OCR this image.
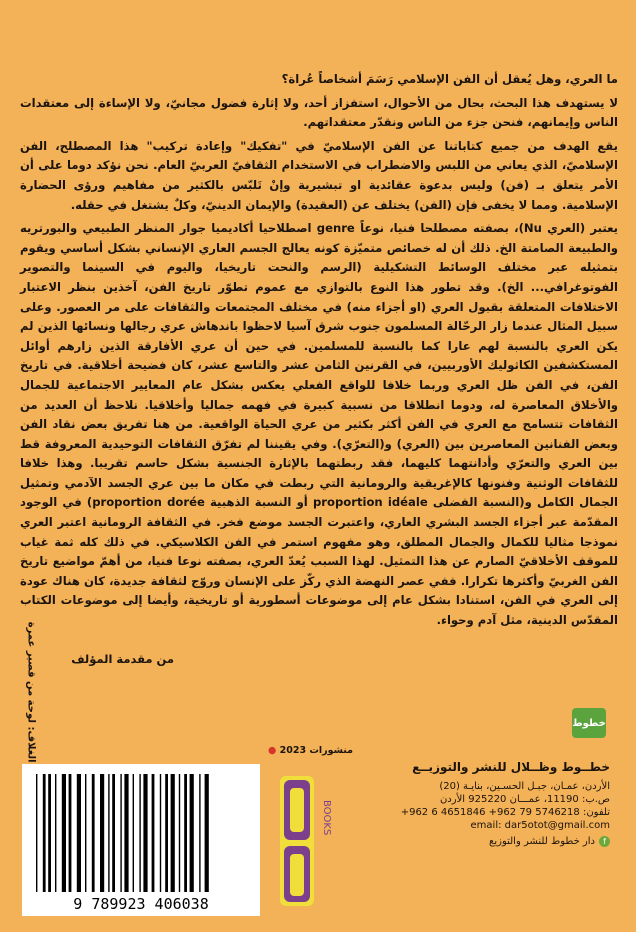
ما العري، وهل يُعقل أن الفن الإسلامي رَسَمَ أشخاصاً عُراة؟

لا يستهدف هذا البحث، بحال من الأحوال، استفزاز أحد، ولا إثارة فضول مجانيّ، ولا الإساءة إلى معتقدات الناس وإيمانهم، فنحن جزء من الناس ونقدّر معتقداتهم.

يقع الهدف من جميع كتاباتنا عن الفن الإسلاميّ في "تفكيك" وإعادة تركيب" هذا المصطلح، الفن الإسلاميّ، الذي يعاني من اللبس والاضطراب في الاستخدام الثقافيّ العربيّ العام. نحن نؤكد دوما على أن الأمر يتعلق بـ (فن) وليس بدعوة عقائدية او تبشيرية وإنْ تَلبّس بالكثير من مفاهيم ورؤى الحضارة الإسلامية. ومما لا يخفى فإن (الفن) يختلف عن (العقيدة) والإيمان الدينيّ، وكلٌ يشتغل في حقله.

يعتبر (العري Nu)، بصفته مصطلحا فنيا، نوعاً genre اصطلاحيا أكاديميا جوار المنظر الطبيعي والبورتريه والطبيعة الصامتة الخ. ذلك أن له خصائص متميّزة كونه يعالج الجسم العاري الإنساني بشكل أساسي ويقوم بتمثيله عبر مختلف الوسائط التشكيلية (الرسم والنحت تاريخيا، واليوم في السينما والتصوير الفوتوغرافي... الخ). وقد تطور هذا النوع بالتوازي مع عموم تطوّر تاريخ الفن، آخذين بنظر الاعتبار الاختلافات المتعلقة بقبول العري (او أجزاء منه) في مختلف المجتمعات والثقافات على مر العصور. وعلى سبيل المثال عندما زار الرحّالة المسلمون جنوب شرق آسيا لاحظوا باندهاش عري رجالها ونسائها الذين لم يكن العري بالنسبة لهم عارا كما بالنسبة للمسلمين. في حين أن عري الأفارقة الذين زارهم أوائل المستكشفين الكاثوليك الأوربيين، في القرنين الثامن عشر والتاسع عشر، كان فضيحة أخلاقية. في تاريخ الفن، في الفن ظل العري وربما خلافا للواقع الفعلي يعكس بشكل عام المعايير الاجتماعية للجمال والأخلاق المعاصرة له، ودوما انطلاقا من نسبية كبيرة في فهمه جماليا وأخلاقيا. نلاحظ أن العديد من الثقافات تتسامح مع العري في الفن أكثر بكثير من عري الحياة الواقعية. من هنا تفريق بعض نقاد الفن وبعض الفنانين المعاصرين بين (العري) و(التعرّي). وفي يقيننا لم تفرّق الثقافات التوحيدية المعروفة قط بين العري والتعرّي وأدانتهما كليهما، فقد ربطتهما بالإثارة الجنسية بشكل حاسم تقريبا. وهذا خلافا للثقافات الوثنية وفنونها كالإغريقية والرومانية التي ربطت في مكان ما بين عري الجسد الآدمي وتمثيل الجمال الكامل و(النسبة الفضلى proportion idéale أو النسبة الذهبية proportion dorée) في الوجود المقدّمة عبر أجزاء الجسد البشري العاري، واعتبرت الجسد موضع فخر. في الثقافة الرومانية اعتبر العري نموذجا مثاليا للكمال والجمال المطلق، وهو مفهوم استمر في الفن الكلاسيكي. في ذلك كله ثمة غياب للموقف الأخلاقيّ الصارم عن هذا التمثيل. لهذا السبب يُعدّ العري، بصفته نوعا فنيا، من أهمّ مواضيع تاريخ الفن الغربيّ وأكثرها تكرارا. ففي عصر النهضة الذي ركّز على الإنسان وروّج لثقافة جديدة، كان هناك عودة إلى العري في الفن، استنادا بشكل عام إلى موضوعات أسطورية أو تاريخية، وأيضا إلى موضوعات الكتاب المقدّس الدينية، مثل آدم وحواء.

من مقدمة المؤلف
الغلاف: لوحة من قصير عمرة	خطوط
منشورات 2023 ●
خطــوط وظــلال للنشر والتوزيــع
الأردن، عمـان، جبـل الحسـين، بنايـة (20)
ص.ب: 11190، عمـــان 925220 الأردن
تلفون: 5746218 79 962+ 4651846 6 962+
email: dar5otot@gmail.com
f
دار خطوط للنشر والتوزيع
BOOKS
9 789923 406038
